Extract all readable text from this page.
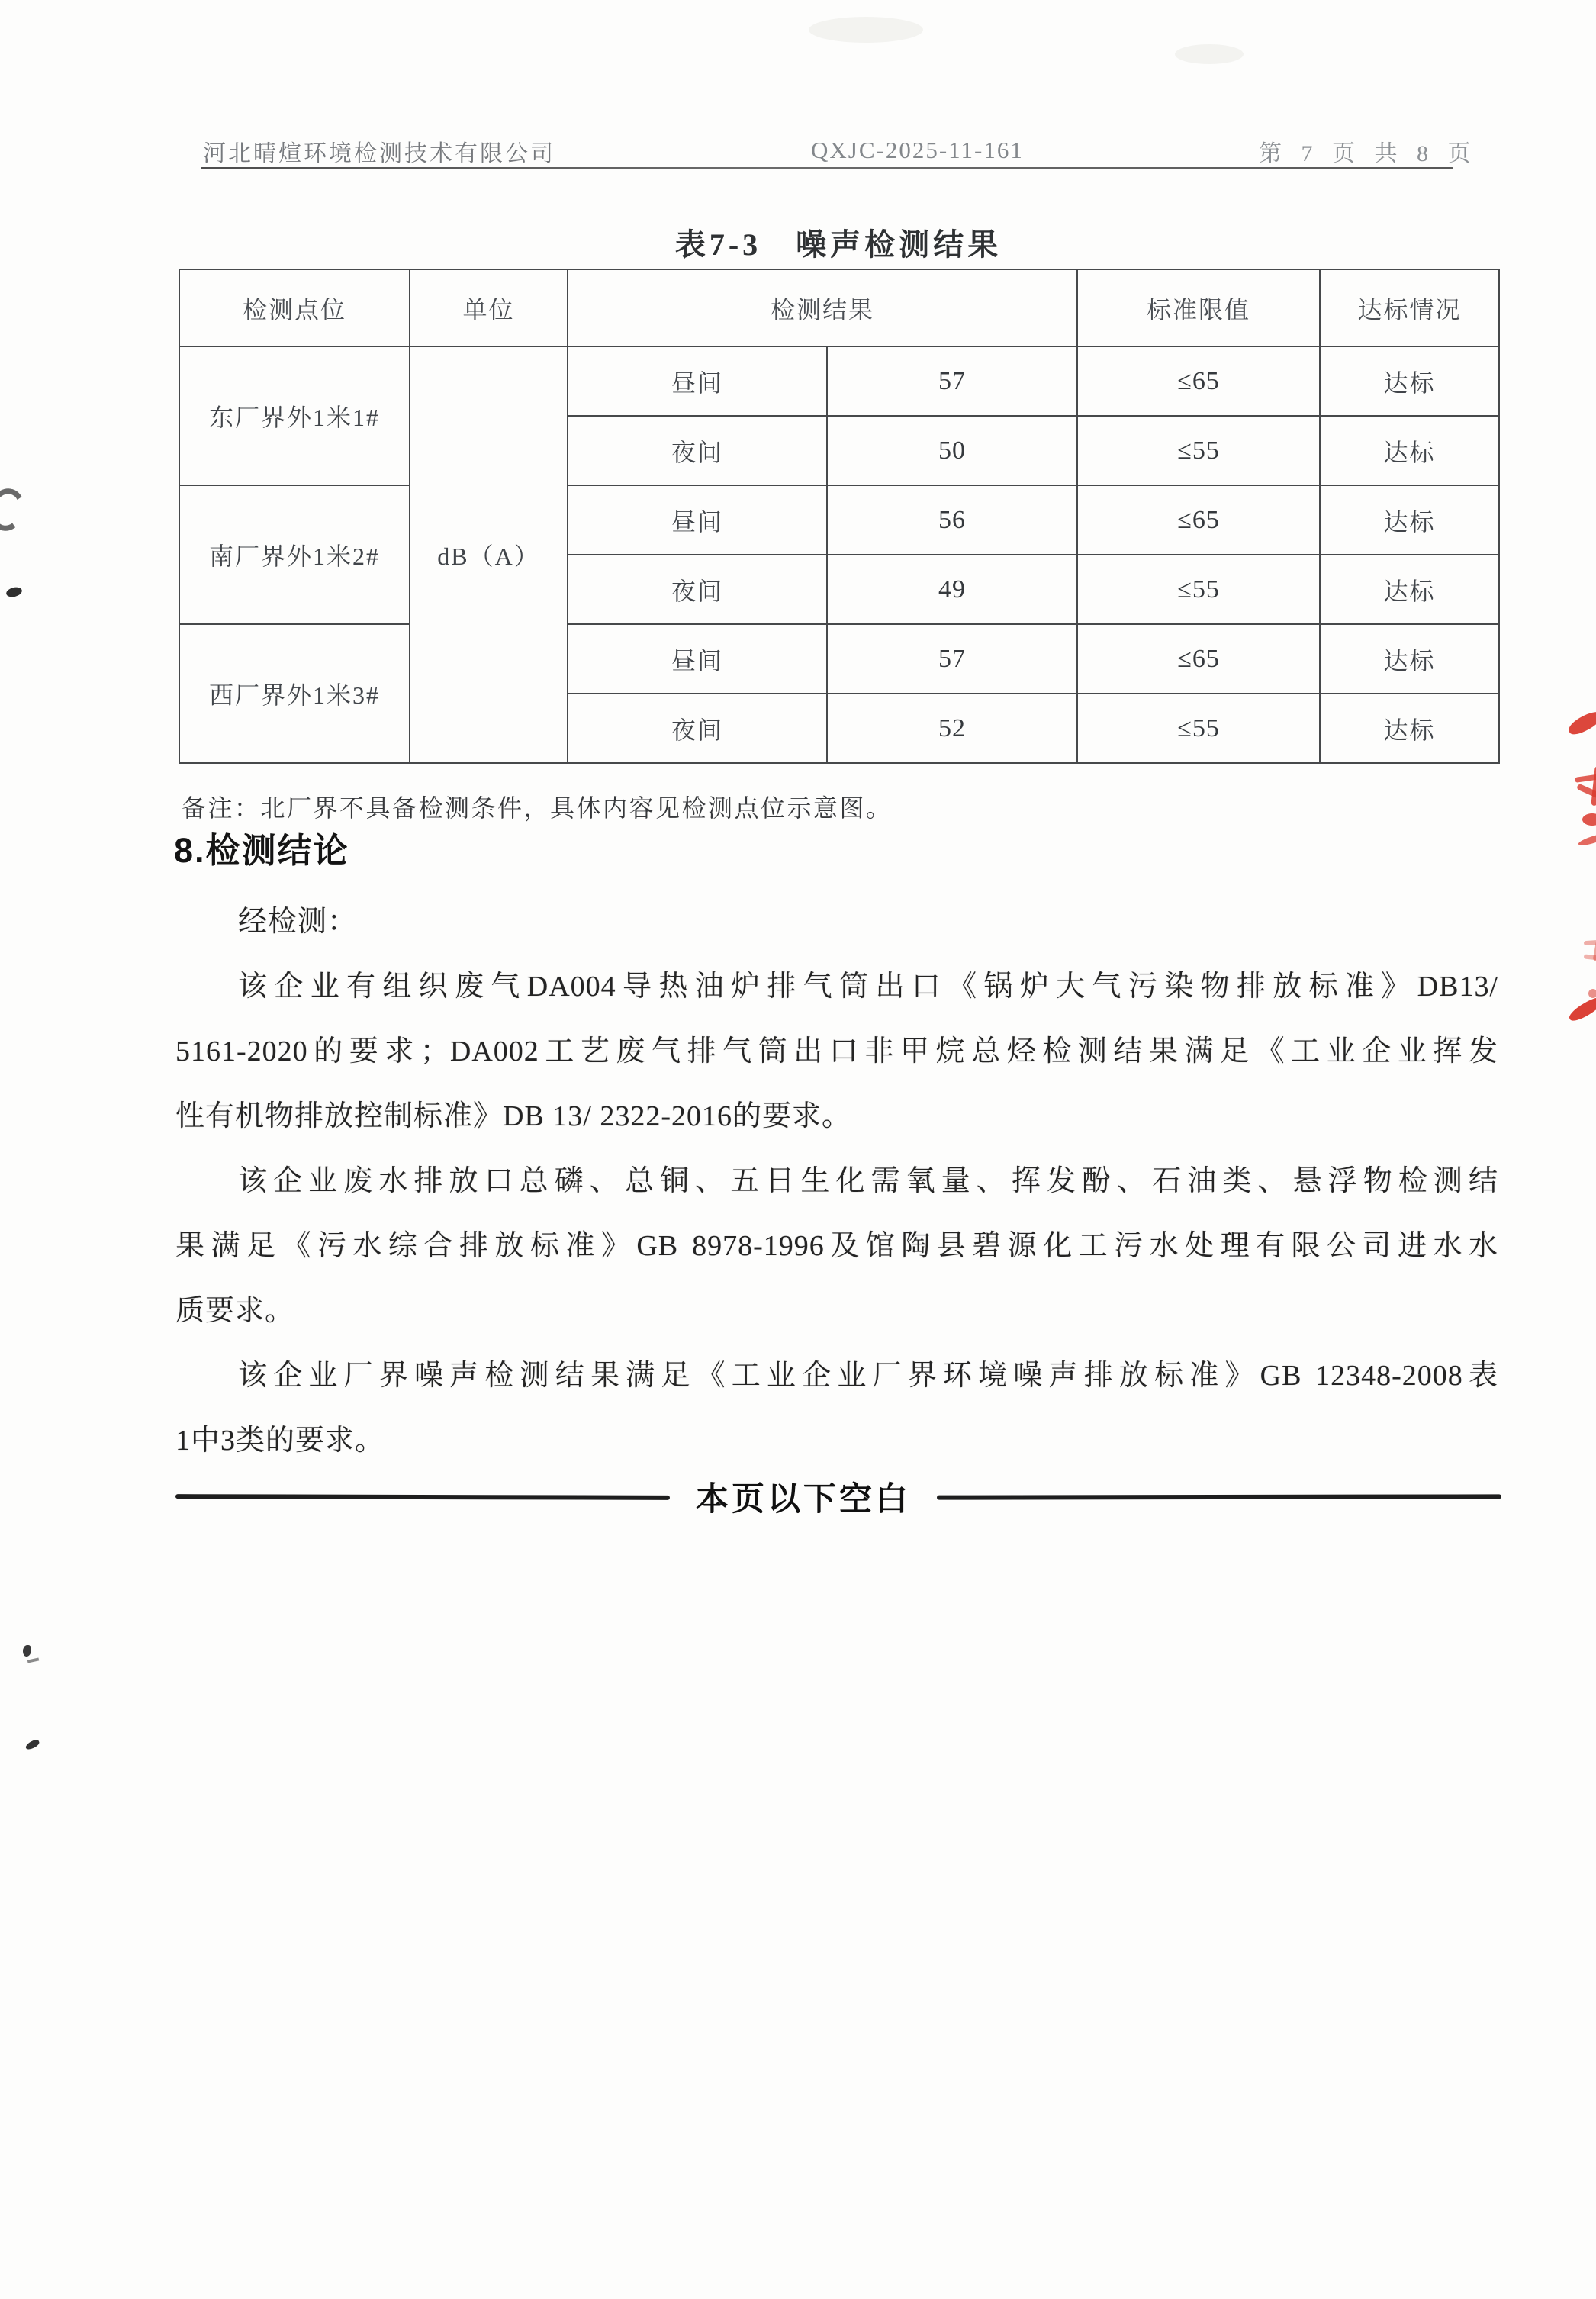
河北晴煊环境检测技术有限公司	QXJC-2025-11-161	第 7 页 共 8 页
表7-3　噪声检测结果
检测点位	单位	检测结果		标准限值	达标情况
东厂界外1米1#	dB（A）	昼间	57	≤65	达标
		夜间	50	≤55	达标
南厂界外1米2#		昼间	56	≤65	达标
		夜间	49	≤55	达标
西厂界外1米3#		昼间	57	≤65	达标
		夜间	52	≤55	达标
备注：北厂界不具备检测条件，具体内容见检测点位示意图。
8.检测结论
经检测：
该企业有组织废气DA004导热油炉排气筒出口《锅炉大气污染物排放标准》DB13/
5161-2020的要求；DA002工艺废气排气筒出口非甲烷总烃检测结果满足《工业企业挥发
性有机物排放控制标准》DB 13/ 2322-2016的要求。
该企业废水排放口总磷、总铜、五日生化需氧量、挥发酚、石油类、悬浮物检测结
果满足《污水综合排放标准》GB 8978-1996及馆陶县碧源化工污水处理有限公司进水水
质要求。
该企业厂界噪声检测结果满足《工业企业厂界环境噪声排放标准》GB 12348-2008表
1中3类的要求。
本页以下空白
